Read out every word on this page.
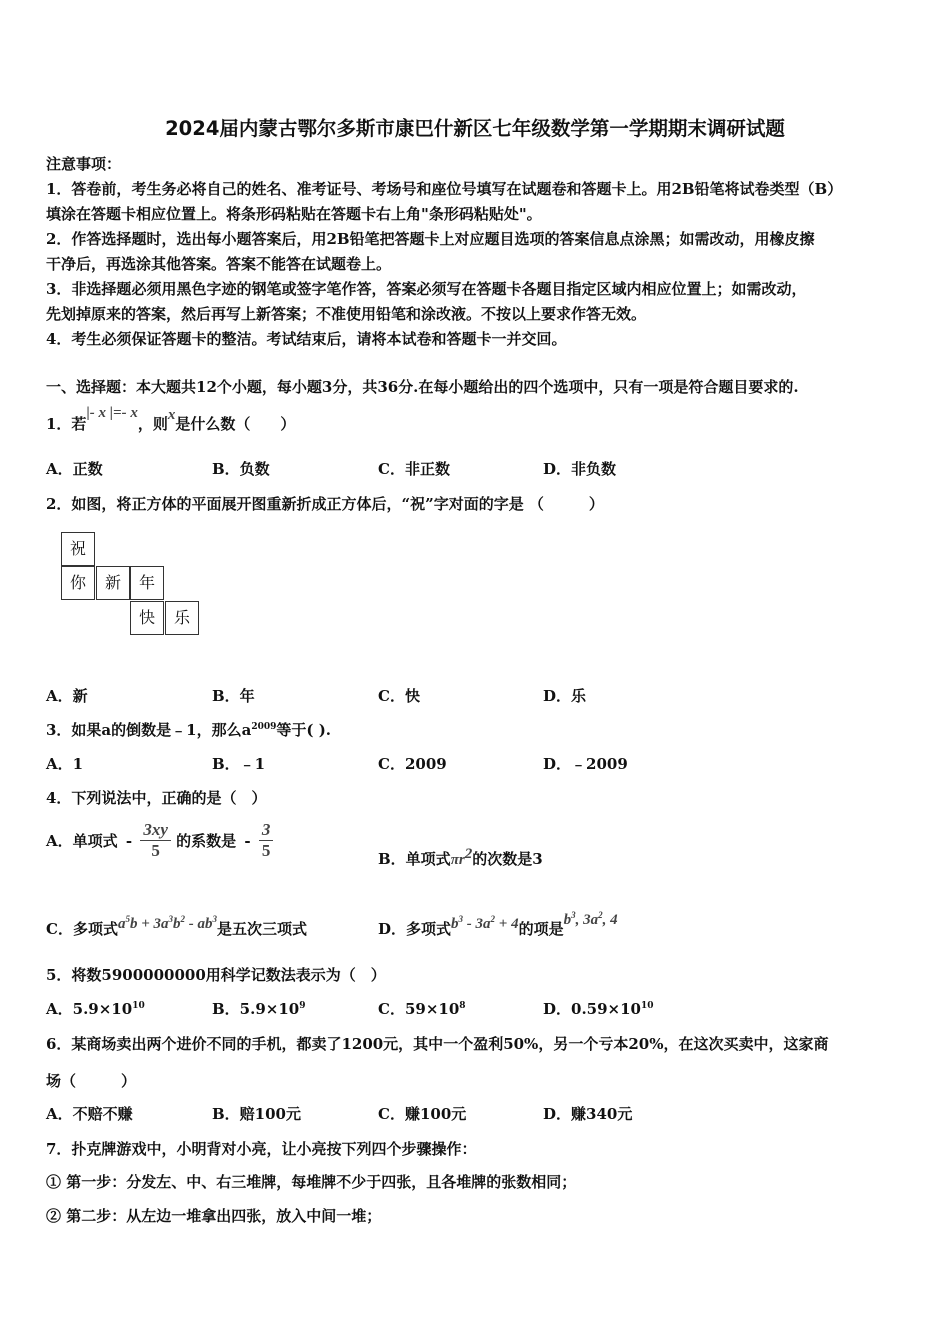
2024届内蒙古鄂尔多斯市康巴什新区七年级数学第一学期期末调研试题
注意事项：
1．答卷前，考生务必将自己的姓名、准考证号、考场号和座位号填写在试题卷和答题卡上。用2B铅笔将试卷类型（B）
填涂在答题卡相应位置上。将条形码粘贴在答题卡右上角"条形码粘贴处"。
2．作答选择题时，选出每小题答案后，用2B铅笔把答题卡上对应题目选项的答案信息点涂黑；如需改动，用橡皮擦
干净后，再选涂其他答案。答案不能答在试题卷上。
3．非选择题必须用黑色字迹的钢笔或签字笔作答，答案必须写在答题卡各题目指定区域内相应位置上；如需改动，
先划掉原来的答案，然后再写上新答案；不准使用铅笔和涂改液。不按以上要求作答无效。
4．考生必须保证答题卡的整洁。考试结束后，请将本试卷和答题卡一并交回。
一、选择题：本大题共12个小题，每小题3分，共36分.在每小题给出的四个选项中，只有一项是符合题目要求的.
1．若|- x |=- x，则x是什么数（　　）
A．正数	B．负数	C．非正数	D．非负数
2．如图，将正方体的平面展开图重新折成正方体后，“祝”字对面的字是 （　　　）
祝
你	新	年
快	乐
A．新	B．年	C．快	D．乐
3．如果a的倒数是﹣1，那么$a^{2009}$等于( ).
A．1	B．﹣1	C．2009	D．﹣2009
4．下列说法中，正确的是（　）
A．单项式 - $\frac{3xy}{5}$ 的系数是 - $\frac{3}{5}$	B．单项式$\pi r^2$的次数是3
C．多项式$a^5b + 3a^3b^2 - ab^3$是五次三项式	D．多项式$b^3 - 3a^2 + 4$的项是$b^3$, $3a^2$, 4
5．将数5900000000用科学记数法表示为（　）
A．$5.9\times 10^{10}$	B．$5.9\times 10^9$	C．$59\times 10^8$	D．$0.59\times 10^{10}$
6．某商场卖出两个进价不同的手机，都卖了1200元，其中一个盈利50%，另一个亏本20%，在这次买卖中，这家商
场（　　　）
A．不赔不赚	B．赔100元	C．赚100元	D．赚340元
7．扑克牌游戏中，小明背对小亮，让小亮按下列四个步骤操作：
① 第一步：分发左、中、右三堆牌，每堆牌不少于四张，且各堆牌的张数相同；
② 第二步：从左边一堆拿出四张，放入中间一堆；
